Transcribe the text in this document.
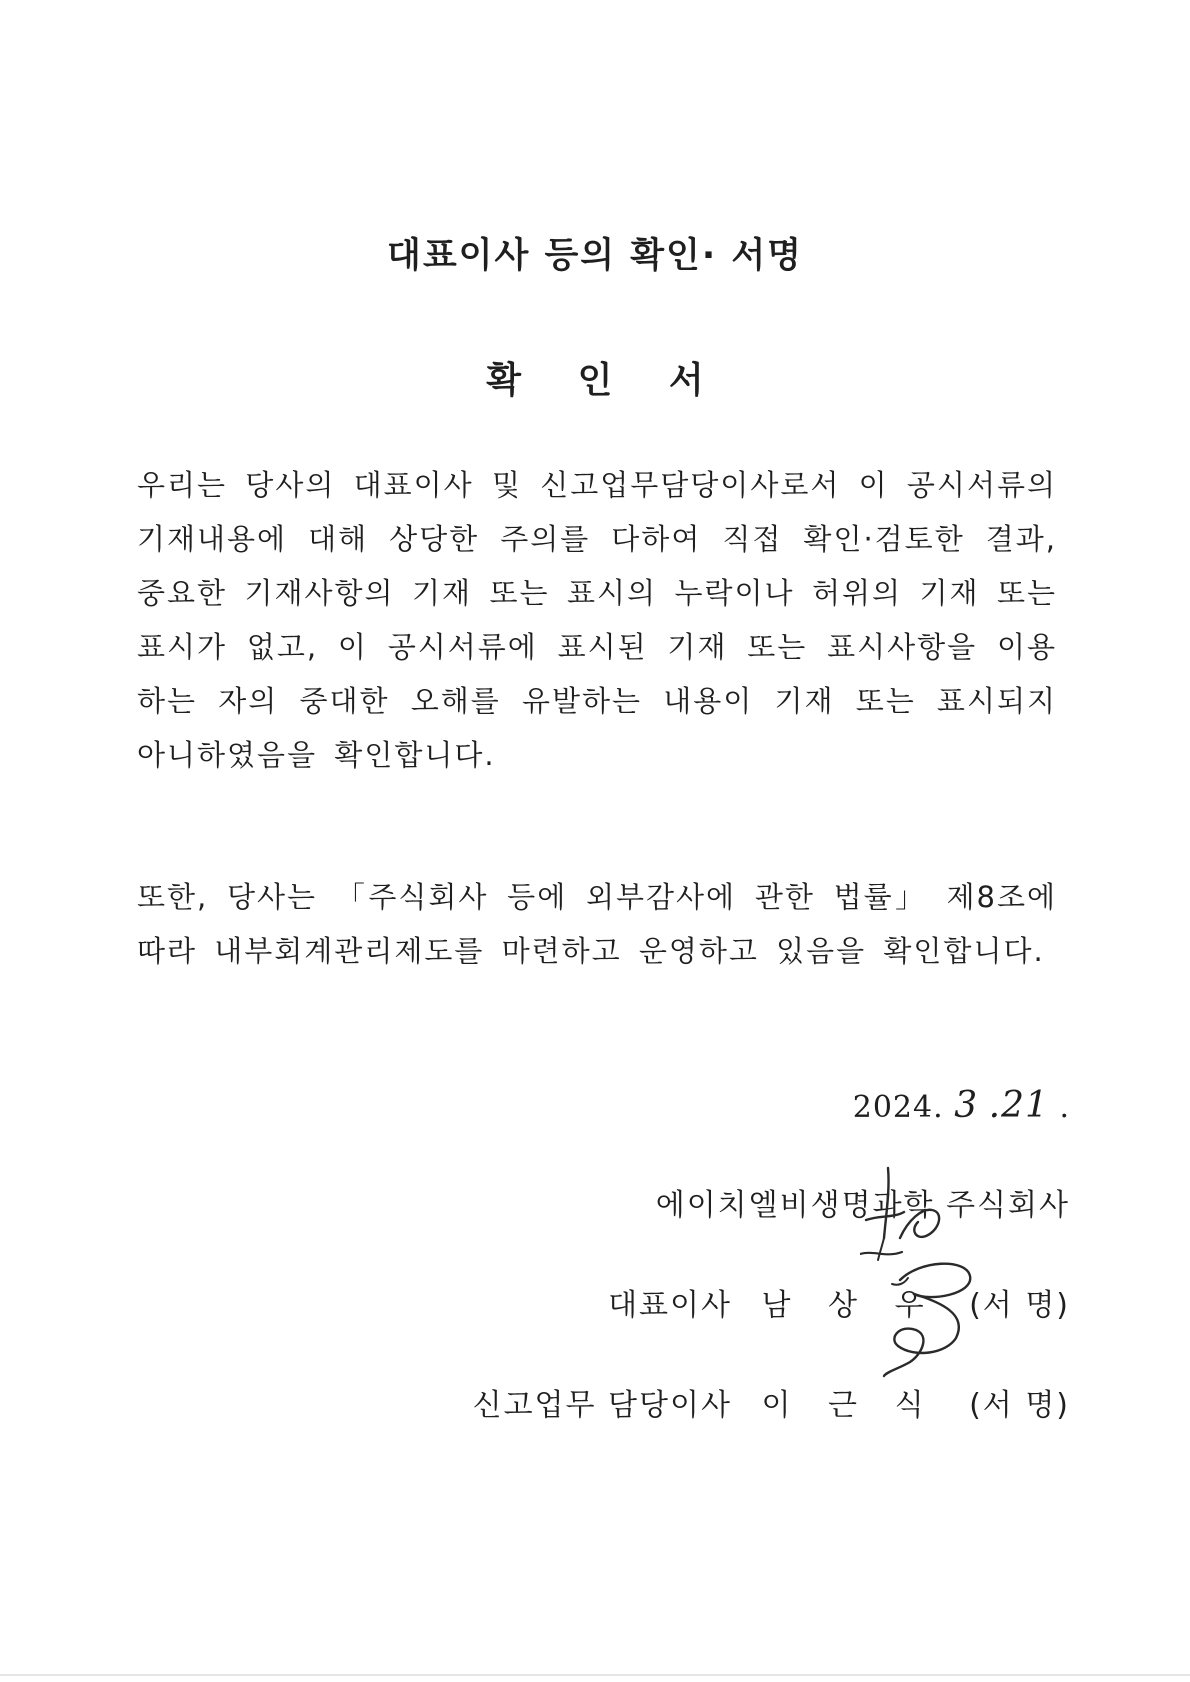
대표이사 등의 확인· 서명
확 인 서

우리는 당사의 대표이사 및 신고업무담당이사로서 이 공시서류의 기재내용에 대해 상당한 주의를 다하여 직접 확인·검토한 결과, 중요한 기재사항의 기재 또는 표시의 누락이나 허위의 기재 또는 표시가 없고, 이 공시서류에 표시된 기재 또는 표시사항을 이용하는 자의 중대한 오해를 유발하는 내용이 기재 또는 표시되지 아니하였음을 확인합니다.

또한, 당사는 「주식회사 등에 외부감사에 관한 법률」 제8조에 따라 내부회계관리제도를 마련하고 운영하고 있음을 확인합니다.

2024. 3 .21 .
에이치엘비생명과학 주식회사
대표이사 남 상 우 (서 명)
신고업무 담당이사 이 근 식 (서 명)
